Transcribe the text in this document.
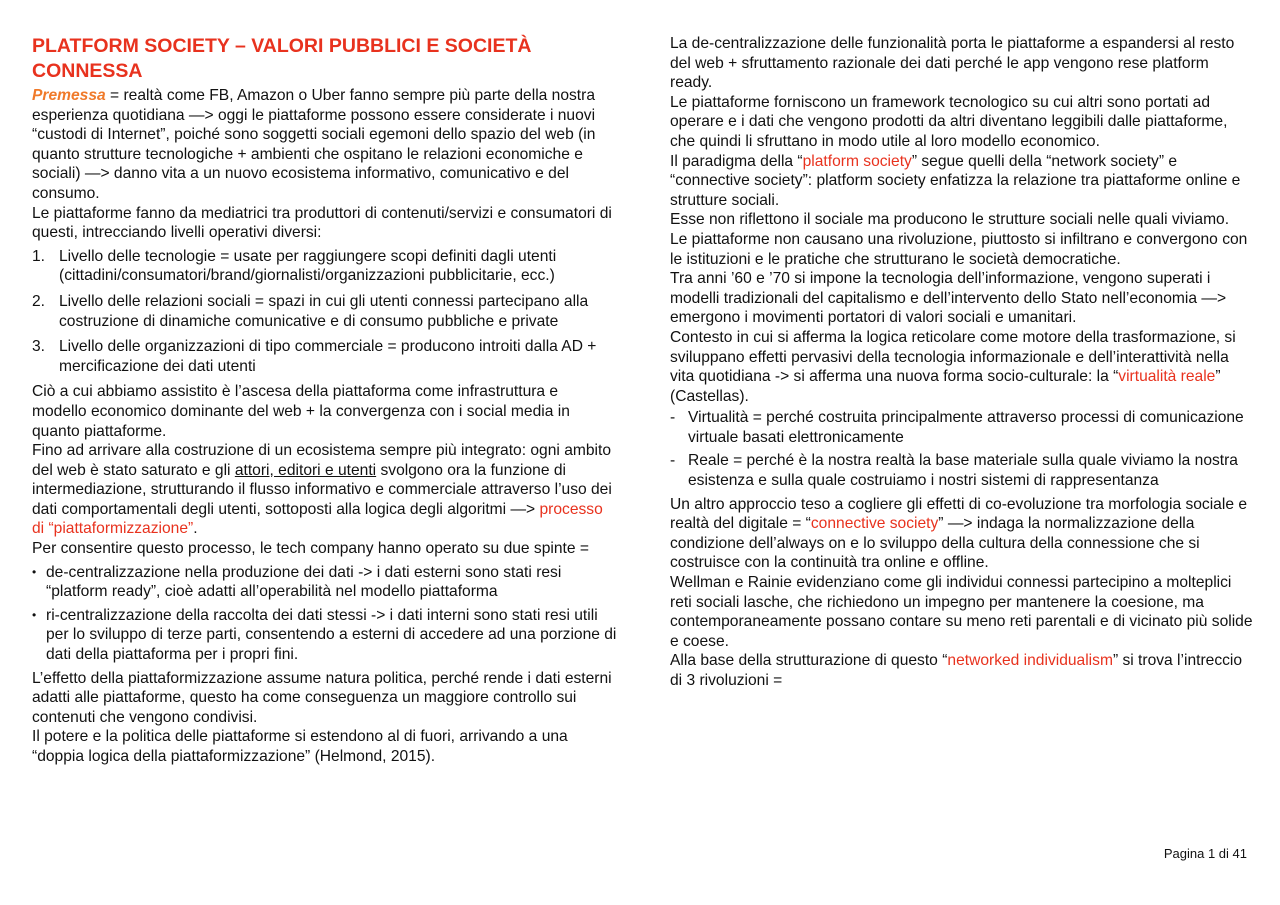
PLATFORM SOCIETY – VALORI PUBBLICI E SOCIETÀ CONNESSA

Premessa = realtà come FB, Amazon o Uber fanno sempre più parte della nostra esperienza quotidiana —> oggi le piattaforme possono essere considerate i nuovi “custodi di Internet”, poiché sono soggetti sociali egemoni dello spazio del web (in quanto strutture tecnologiche + ambienti che ospitano le relazioni economiche e sociali) —> danno vita a un nuovo ecosistema informativo, comunicativo e del consumo.

Le piattaforme fanno da mediatrici tra produttori di contenuti/servizi e consumatori di questi, intrecciando livelli operativi diversi:

1. Livello delle tecnologie = usate per raggiungere scopi definiti dagli utenti (cittadini/consumatori/brand/giornalisti/organizzazioni pubblicitarie, ecc.)
2. Livello delle relazioni sociali = spazi in cui gli utenti connessi partecipano alla costruzione di dinamiche comunicative e di consumo pubbliche e private
3. Livello delle organizzazioni di tipo commerciale = producono introiti dalla AD + mercificazione dei dati utenti

Ciò a cui abbiamo assistito è l’ascesa della piattaforma come infrastruttura e modello economico dominante del web + la convergenza con i social media in quanto piattaforme.

Fino ad arrivare alla costruzione di un ecosistema sempre più integrato: ogni ambito del web è stato saturato e gli attori, editori e utenti svolgono ora la funzione di intermediazione, strutturando il flusso informativo e commerciale attraverso l’uso dei dati comportamentali degli utenti, sottoposti alla logica degli algoritmi —> processo di “piattaformizzazione”.

Per consentire questo processo, le tech company hanno operato su due spinte =

• de-centralizzazione nella produzione dei dati -> i dati esterni sono stati resi “platform ready”, cioè adatti all’operabilità nel modello piattaforma
• ri-centralizzazione della raccolta dei dati stessi -> i dati interni sono stati resi utili per lo sviluppo di terze parti, consentendo a esterni di accedere ad una porzione di dati della piattaforma per i propri fini.

L’effetto della piattaformizzazione assume natura politica, perché rende i dati esterni adatti alle piattaforme, questo ha come conseguenza un maggiore controllo sui contenuti che vengono condivisi.

Il potere e la politica delle piattaforme si estendono al di fuori, arrivando a una “doppia logica della piattaformizzazione” (Helmond, 2015).

La de-centralizzazione delle funzionalità porta le piattaforme a espandersi al resto del web + sfruttamento razionale dei dati perché le app vengono rese platform ready.

Le piattaforme forniscono un framework tecnologico su cui altri sono portati ad operare e i dati che vengono prodotti da altri diventano leggibili dalle piattaforme, che quindi li sfruttano in modo utile al loro modello economico.

Il paradigma della “platform society” segue quelli della “network society” e “connective society”: platform society enfatizza la relazione tra piattaforme online e strutture sociali.

Esse non riflettono il sociale ma producono le strutture sociali nelle quali viviamo.

Le piattaforme non causano una rivoluzione, piuttosto si infiltrano e convergono con le istituzioni e le pratiche che strutturano le società democratiche.

Tra anni ’60 e ’70 si impone la tecnologia dell’informazione, vengono superati i modelli tradizionali del capitalismo e dell’intervento dello Stato nell’economia —> emergono i movimenti portatori di valori sociali e umanitari.

Contesto in cui si afferma la logica reticolare come motore della trasformazione, si sviluppano effetti pervasivi della tecnologia informazionale e dell’interattività nella vita quotidiana -> si afferma una nuova forma socio-culturale: la “virtualità reale” (Castellas).

- Virtualità = perché costruita principalmente attraverso processi di comunicazione virtuale basati elettronicamente
- Reale = perché è la nostra realtà la base materiale sulla quale viviamo la nostra esistenza e sulla quale costruiamo i nostri sistemi di rappresentanza

Un altro approccio teso a cogliere gli effetti di co-evoluzione tra morfologia sociale e realtà del digitale = “connective society” —> indaga la normalizzazione della condizione dell’always on e lo sviluppo della cultura della connessione che si costruisce con la continuità tra online e offline.

Wellman e Rainie evidenziano come gli individui connessi partecipino a molteplici reti sociali lasche, che richiedono un impegno per mantenere la coesione, ma contemporaneamente possano contare su meno reti parentali e di vicinato più solide e coese.

Alla base della strutturazione di questo “networked individualism” si trova l’intreccio di 3 rivoluzioni =

Pagina 1 di 41
